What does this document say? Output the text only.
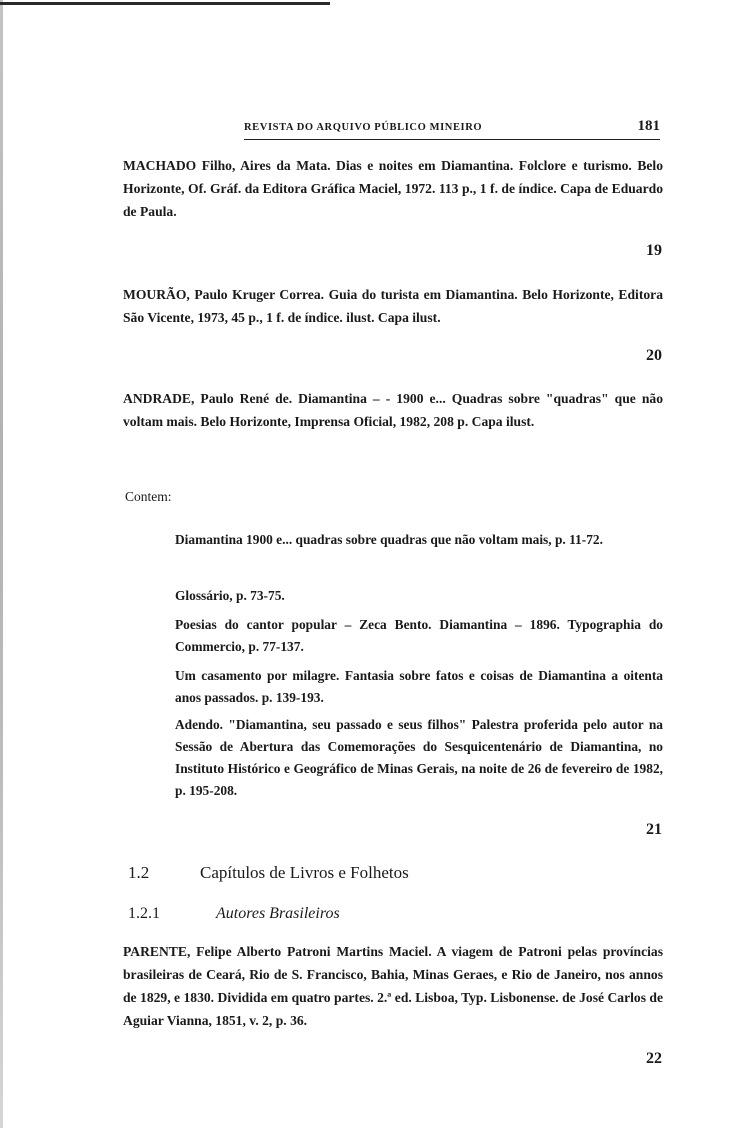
REVISTA DO ARQUIVO PÚBLICO MINEIRO	181

MACHADO Filho, Aires da Mata. Dias e noites em Diamantina. Folclore e turismo. Belo Horizonte, Of. Gráf. da Editora Gráfica Maciel, 1972. 113 p., 1 f. de índice. Capa de Eduardo de Paula.

19

MOURÃO, Paulo Kruger Correa. Guia do turista em Diamantina. Belo Horizonte, Editora São Vicente, 1973, 45 p., 1 f. de índice. ilust. Capa ilust.

20

ANDRADE, Paulo René de. Diamantina – - 1900 e... Quadras sobre "quadras" que não voltam mais. Belo Horizonte, Imprensa Oficial, 1982, 208 p. Capa ilust.

Contem:

Diamantina 1900 e... quadras sobre quadras que não voltam mais, p. 11-72.

Glossário, p. 73-75.

Poesias do cantor popular – Zeca Bento. Diamantina – 1896. Typographia do Commercio, p. 77-137.

Um casamento por milagre. Fantasia sobre fatos e coisas de Diamantina a oitenta anos passados. p. 139-193.

Adendo. "Diamantina, seu passado e seus filhos" Palestra proferida pelo autor na Sessão de Abertura das Comemorações do Sesquicentenário de Diamantina, no Instituto Histórico e Geográfico de Minas Gerais, na noite de 26 de fevereiro de 1982, p. 195-208.

21
1.2	Capítulos de Livros e Folhetos
1.2.1	Autores Brasileiros

PARENTE, Felipe Alberto Patroni Martins Maciel. A viagem de Patroni pelas províncias brasileiras de Ceará, Rio de S. Francisco, Bahia, Minas Geraes, e Rio de Janeiro, nos annos de 1829, e 1830. Dividida em quatro partes. 2.ª ed. Lisboa, Typ. Lisbonense. de José Carlos de Aguiar Vianna, 1851, v. 2, p. 36.

22
